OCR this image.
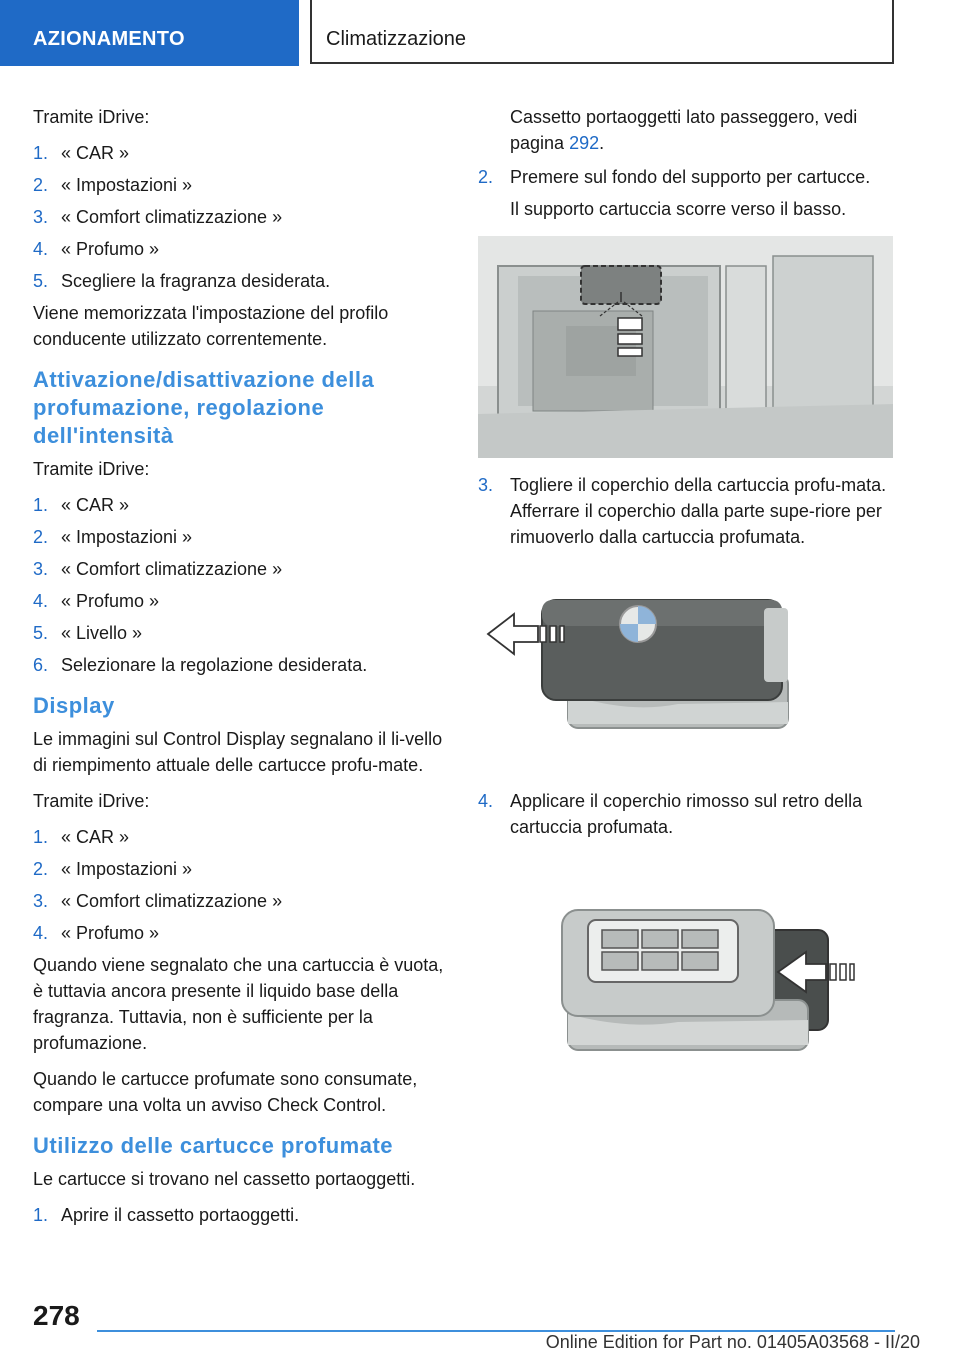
AZIONAMENTO	Climatizzazione

Tramite iDrive:

1. « CAR »
2. « Impostazioni »
3. « Comfort climatizzazione »
4. « Profumo »
5. Scegliere la fragranza desiderata.

Viene memorizzata l'impostazione del profilo conducente utilizzato correntemente.

Attivazione/disattivazione della profumazione, regolazione dell'intensità

Tramite iDrive:

1. « CAR »
2. « Impostazioni »
3. « Comfort climatizzazione »
4. « Profumo »
5. « Livello »
6. Selezionare la regolazione desiderata.
Display

Le immagini sul Control Display segnalano il li-vello di riempimento attuale delle cartucce profu-mate.

Tramite iDrive:

1. « CAR »
2. « Impostazioni »
3. « Comfort climatizzazione »
4. « Profumo »

Quando viene segnalato che una cartuccia è vuota, è tuttavia ancora presente il liquido base della fragranza. Tuttavia, non è sufficiente per la profumazione.

Quando le cartucce profumate sono consumate, compare una volta un avviso Check Control.

Utilizzo delle cartucce profumate

Le cartucce si trovano nel cassetto portaoggetti.

1. Aprire il cassetto portaoggetti.

Cassetto portaoggetti lato passeggero, vedi pagina 292.

2. Premere sul fondo del supporto per cartucce.

Il supporto cartuccia scorre verso il basso.

3. Togliere il coperchio della cartuccia profu-mata. Afferrare il coperchio dalla parte supe-riore per rimuoverlo dalla cartuccia profumata.
4. Applicare il coperchio rimosso sul retro della cartuccia profumata.
278
Online Edition for Part no. 01405A03568 - II/20
